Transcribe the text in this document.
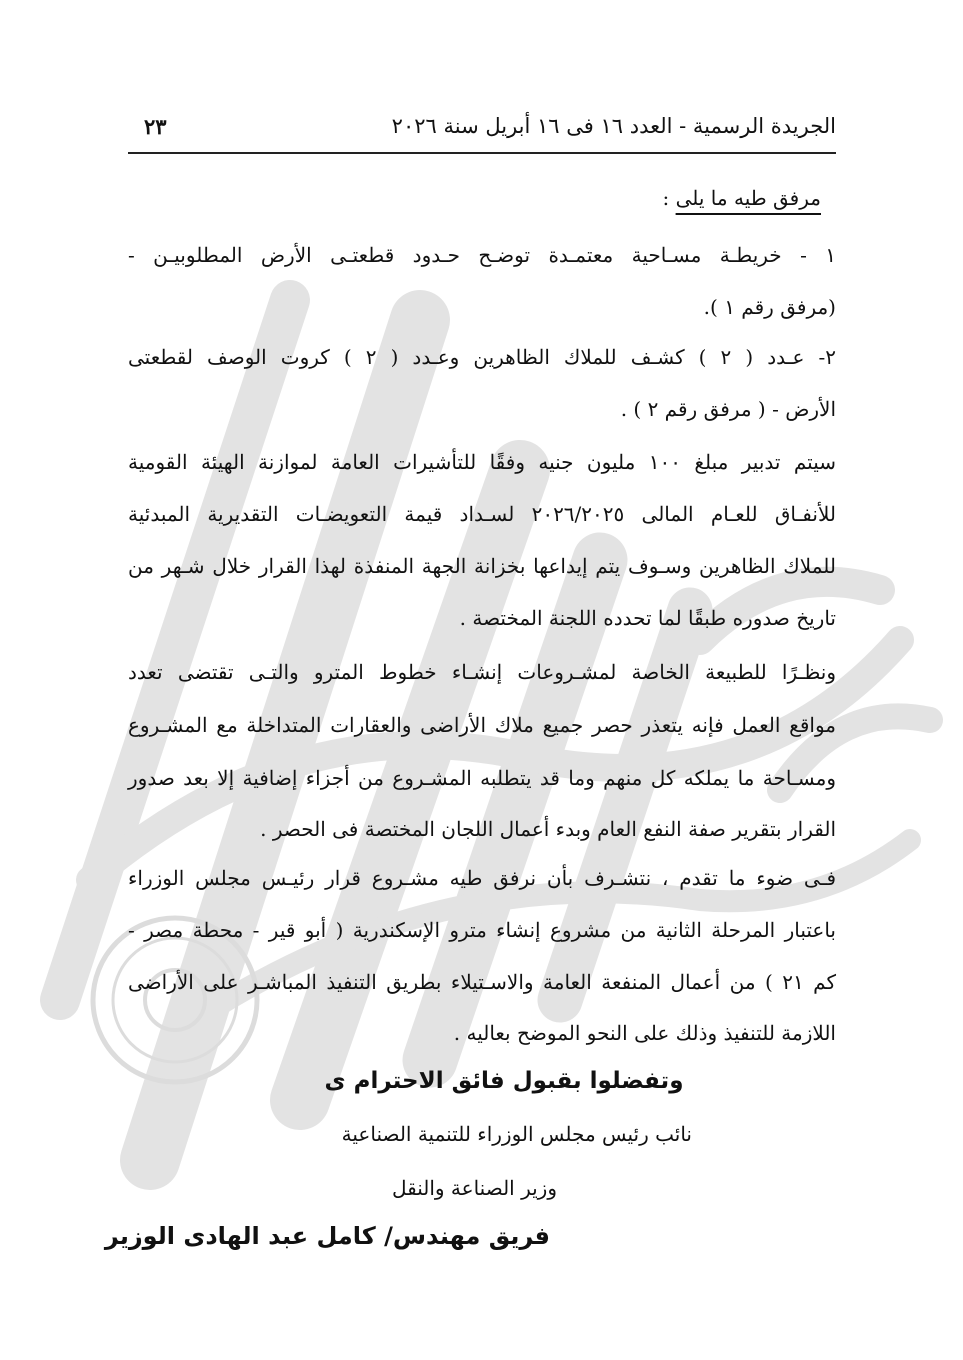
الجريدة الرسمية - العدد ١٦ فى ١٦ أبريل سنة ٢٠٢٦
٢٣
مرفق طيه ما يلى :
١ - خريطـة مسـاحية معتمـدة توضـح حـدود قطعتـى الأرض المطلوبيـن -
(مرفق رقم ١ ).
٢- عـدد ( ٢ ) كشـف للملاك الظاهرين وعـدد ( ٢ ) كروت الوصف لقطعتى
الأرض - ( مرفق رقم ٢ ) .
سيتم تدبير مبلغ ١٠٠ مليون جنيه وفقًا للتأشيرات العامة لموازنة الهيئة القومية
للأنفـاق للعـام المالى ٢٠٢٦/٢٠٢٥ لسـداد قيمة التعويضـات التقديرية المبدئية
للملاك الظاهرين وسـوف يتم إيداعها بخزانة الجهة المنفذة لهذا القرار خلال شـهر من
تاريخ صدوره طبقًا لما تحدده اللجنة المختصة .
ونظـرًا للطبيعة الخاصة لمشـروعات إنشـاء خطوط المترو والتـى تقتضى تعدد
مواقع العمل فإنه يتعذر حصر جميع ملاك الأراضى والعقارات المتداخلة مع المشـروع
ومسـاحة ما يملكه كل منهم وما قد يتطلبه المشـروع من أجزاء إضافية إلا بعد صدور
القرار بتقرير صفة النفع العام وبدء أعمال اللجان المختصة فى الحصر .
فـى ضوء ما تقدم ، نتشـرف بأن نرفق طيه مشـروع قرار رئيـس مجلس الوزراء
باعتبار المرحلة الثانية من مشروع إنشاء مترو الإسكندرية ( أبو قير - محطة مصر -
كم ٢١ ) من أعمال المنفعة العامة والاسـتيلاء بطريق التنفيذ المباشـر على الأراضى
اللازمة للتنفيذ وذلك على النحو الموضح بعاليه .
وتفضلوا بقبول فائق الاحترام ى
نائب رئيس مجلس الوزراء للتنمية الصناعية
وزير الصناعة والنقل
فريق مهندس/ كامل عبد الهادى الوزير
